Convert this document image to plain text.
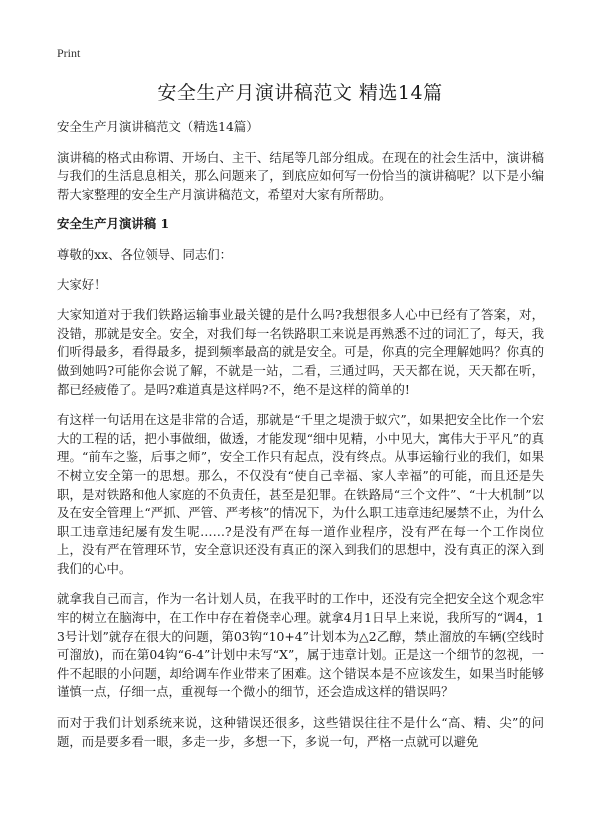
Print
安全生产月演讲稿范文 精选14篇

安全生产月演讲稿范文（精选14篇）

演讲稿的格式由称谓、开场白、主干、结尾等几部分组成。在现在的社会生活中，演讲稿与我们的生活息息相关，那么问题来了，到底应如何写一份恰当的演讲稿呢？以下是小编帮大家整理的安全生产月演讲稿范文，希望对大家有所帮助。

安全生产月演讲稿 1

尊敬的xx、各位领导、同志们：

大家好！

大家知道对于我们铁路运输事业最关键的是什么吗?我想很多人心中已经有了答案，对，没错，那就是安全。安全，对我们每一名铁路职工来说是再熟悉不过的词汇了，每天，我们听得最多，看得最多，提到频率最高的就是安全。可是，你真的完全理解她吗？你真的做到她吗?可能你会说了解，不就是一站，二看，三通过吗，天天都在说，天天都在听，都已经疲倦了。是吗?难道真是这样吗?不，绝不是这样的简单的!

有这样一句话用在这是非常的合适，那就是“千里之堤溃于蚁穴”，如果把安全比作一个宏大的工程的话，把小事做细，做透，才能发现“细中见精，小中见大，寓伟大于平凡”的真理。“前车之鉴，后事之师”，安全工作只有起点，没有终点。从事运输行业的我们，如果不树立安全第一的思想。那么，不仅没有“使自己幸福、家人幸福”的可能，而且还是失职，是对铁路和他人家庭的不负责任，甚至是犯罪。在铁路局“三个文件”、“十大机制”以及在安全管理上“严抓、严管、严考核”的情况下，为什么职工违章违纪屡禁不止，为什么职工违章违纪屡有发生呢……?是没有严在每一道作业程序，没有严在每一个工作岗位上，没有严在管理环节，安全意识还没有真正的深入到我们的思想中，没有真正的深入到我们的心中。

就拿我自己而言，作为一名计划人员，在我平时的工作中，还没有完全把安全这个观念牢牢的树立在脑海中，在工作中存在着侥幸心理。就拿4月1日早上来说，我所写的“调4，13号计划”就存在很大的问题，第03钩“10+4”计划本为△2乙醇，禁止溜放的车辆(空线时可溜放)，而在第04钩“6-4”计划中未写“X”，属于违章计划。正是这一个细节的忽视，一件不起眼的小问题，却给调车作业带来了困难。这个错误本是不应该发生，如果当时能够谨慎一点，仔细一点，重视每一个微小的细节，还会造成这样的错误吗？

而对于我们计划系统来说，这种错误还很多，这些错误往往不是什么“高、精、尖”的问题，而是要多看一眼，多走一步，多想一下，多说一句，严格一点就可以避免
